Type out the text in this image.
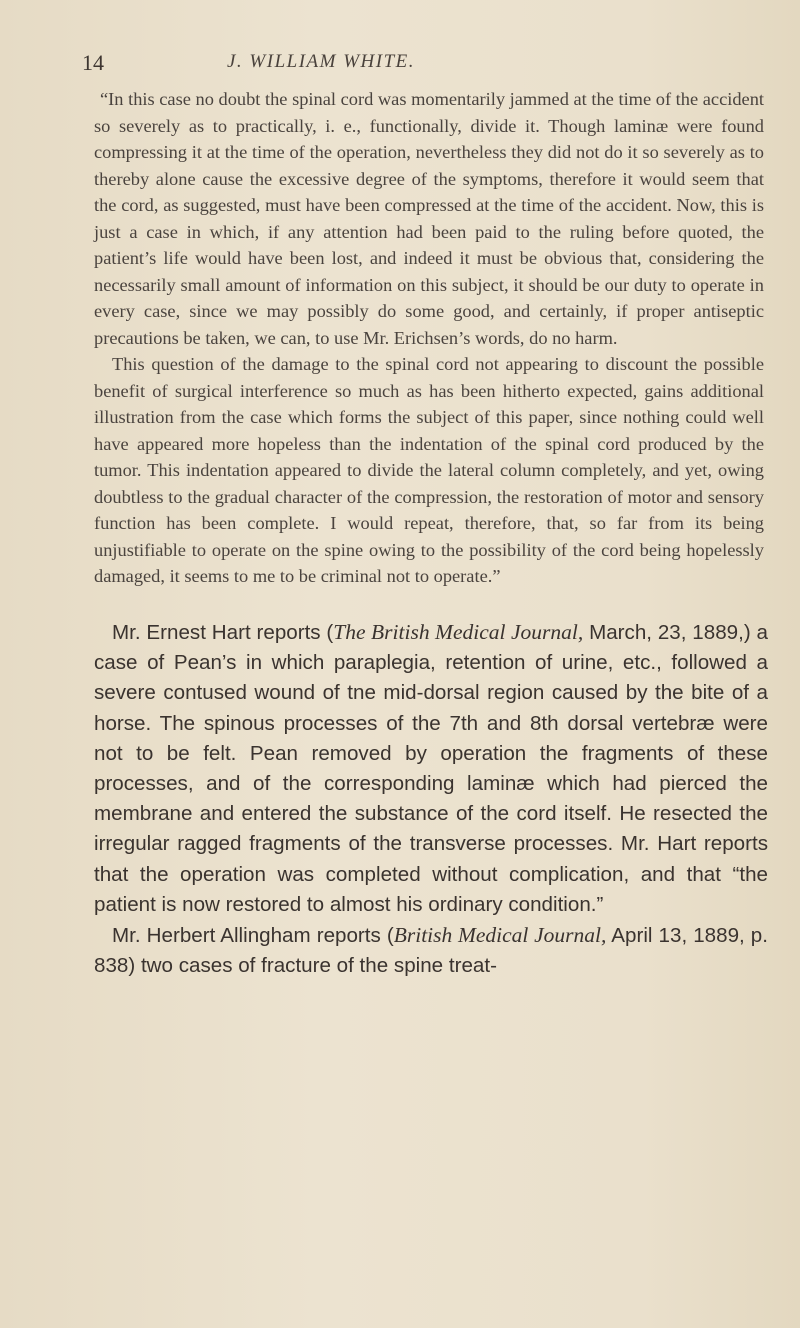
14	J. WILLIAM WHITE.

“In this case no doubt the spinal cord was momentarily jammed at the time of the accident so severely as to practically, i. e., functionally, divide it. Though laminæ were found compressing it at the time of the operation, nevertheless they did not do it so severely as to thereby alone cause the excessive degree of the symptoms, therefore it would seem that the cord, as suggested, must have been compressed at the time of the accident. Now, this is just a case in which, if any attention had been paid to the ruling before quoted, the patient’s life would have been lost, and indeed it must be obvious that, considering the necessarily small amount of information on this subject, it should be our duty to operate in every case, since we may possibly do some good, and certainly, if proper antiseptic precautions be taken, we can, to use Mr. Erichsen’s words, do no harm.

This question of the damage to the spinal cord not appearing to discount the possible benefit of surgical interference so much as has been hitherto expected, gains additional illustration from the case which forms the subject of this paper, since nothing could well have appeared more hopeless than the indentation of the spinal cord produced by the tumor. This indentation appeared to divide the lateral column completely, and yet, owing doubtless to the gradual character of the compression, the restoration of motor and sensory function has been complete. I would repeat, therefore, that, so far from its being unjustifiable to operate on the spine owing to the possibility of the cord being hopelessly damaged, it seems to me to be criminal not to operate.”

Mr. Ernest Hart reports (The British Medical Journal, March, 23, 1889,) a case of Pean’s in which paraplegia, retention of urine, etc., followed a severe contused wound of tne mid-dorsal region caused by the bite of a horse. The spinous processes of the 7th and 8th dorsal vertebræ were not to be felt. Pean removed by operation the fragments of these processes, and of the corresponding laminæ which had pierced the membrane and entered the substance of the cord itself. He resected the irregular ragged fragments of the transverse processes. Mr. Hart reports that the operation was completed without complication, and that “the patient is now restored to almost his ordinary condition.”

Mr. Herbert Allingham reports (British Medical Journal, April 13, 1889, p. 838) two cases of fracture of the spine treat-
